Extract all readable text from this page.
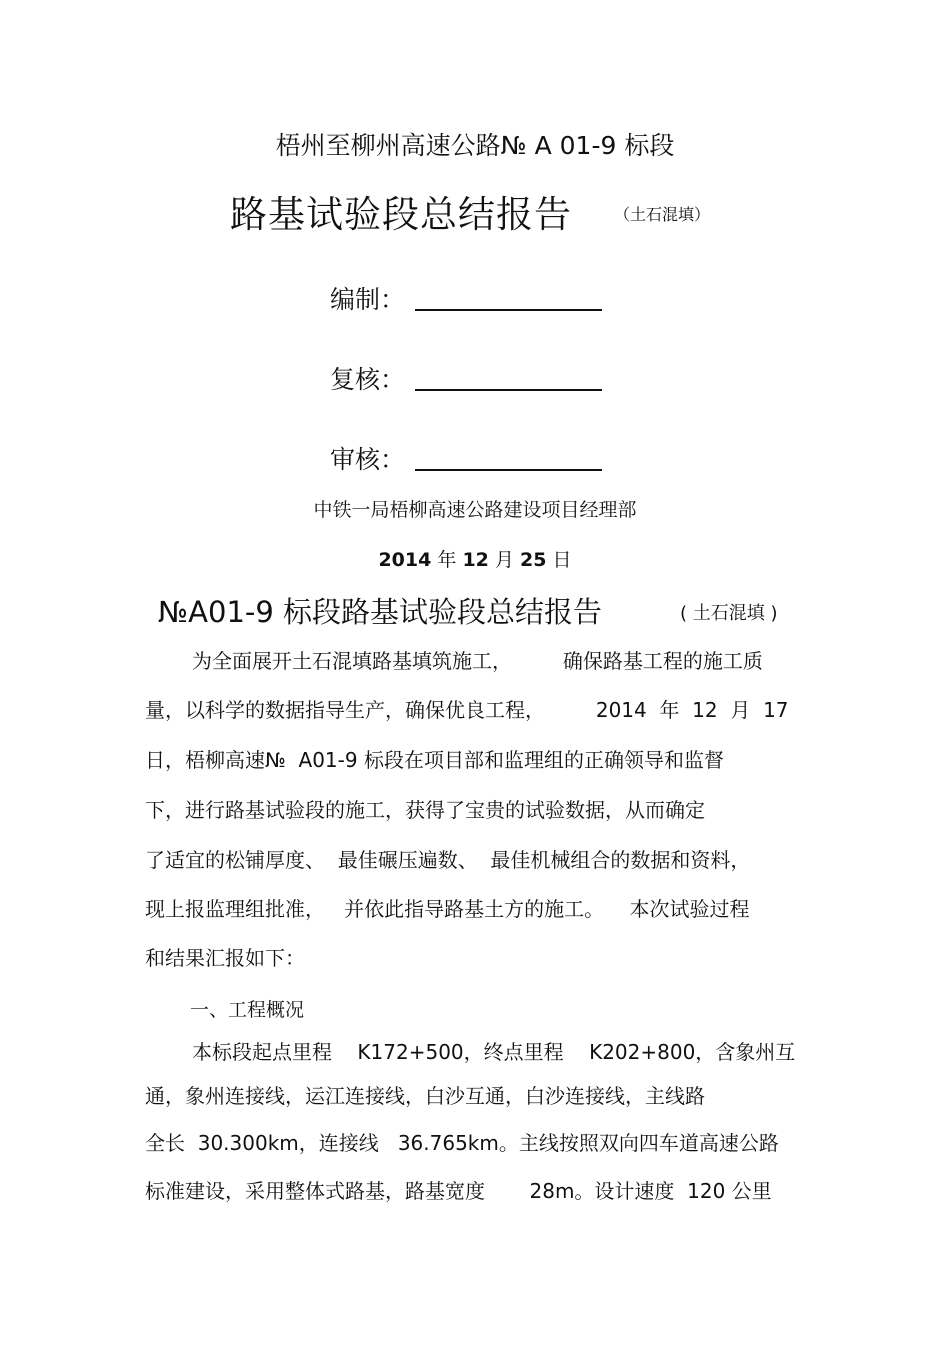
梧州至柳州高速公路№ A 01-9 标段
路基试验段总结报告	（土石混填）
编制：
复核：
审核：
中铁一局梧柳高速公路建设项目经理部
2014 年 12 月 25 日
№A01-9 标段路基试验段总结报告	( 土石混填 )
为全面展开土石混填路基填筑施工，        确保路基工程的施工质
量，以科学的数据指导生产，确保优良工程，        2014  年  12  月  17
日，梧柳高速№  A01-9 标段在项目部和监理组的正确领导和监督
下，进行路基试验段的施工，获得了宝贵的试验数据，从而确定
了适宜的松铺厚度、  最佳碾压遍数、  最佳机械组合的数据和资料，
现上报监理组批准，   并依此指导路基土方的施工。    本次试验过程
和结果汇报如下：
一、工程概况
本标段起点里程    K172+500，终点里程    K202+800，含象州互
通，象州连接线，运江连接线，白沙互通，白沙连接线，主线路
全长  30.300km，连接线   36.765km。主线按照双向四车道高速公路
标准建设，采用整体式路基，路基宽度       28m。设计速度  120 公里
